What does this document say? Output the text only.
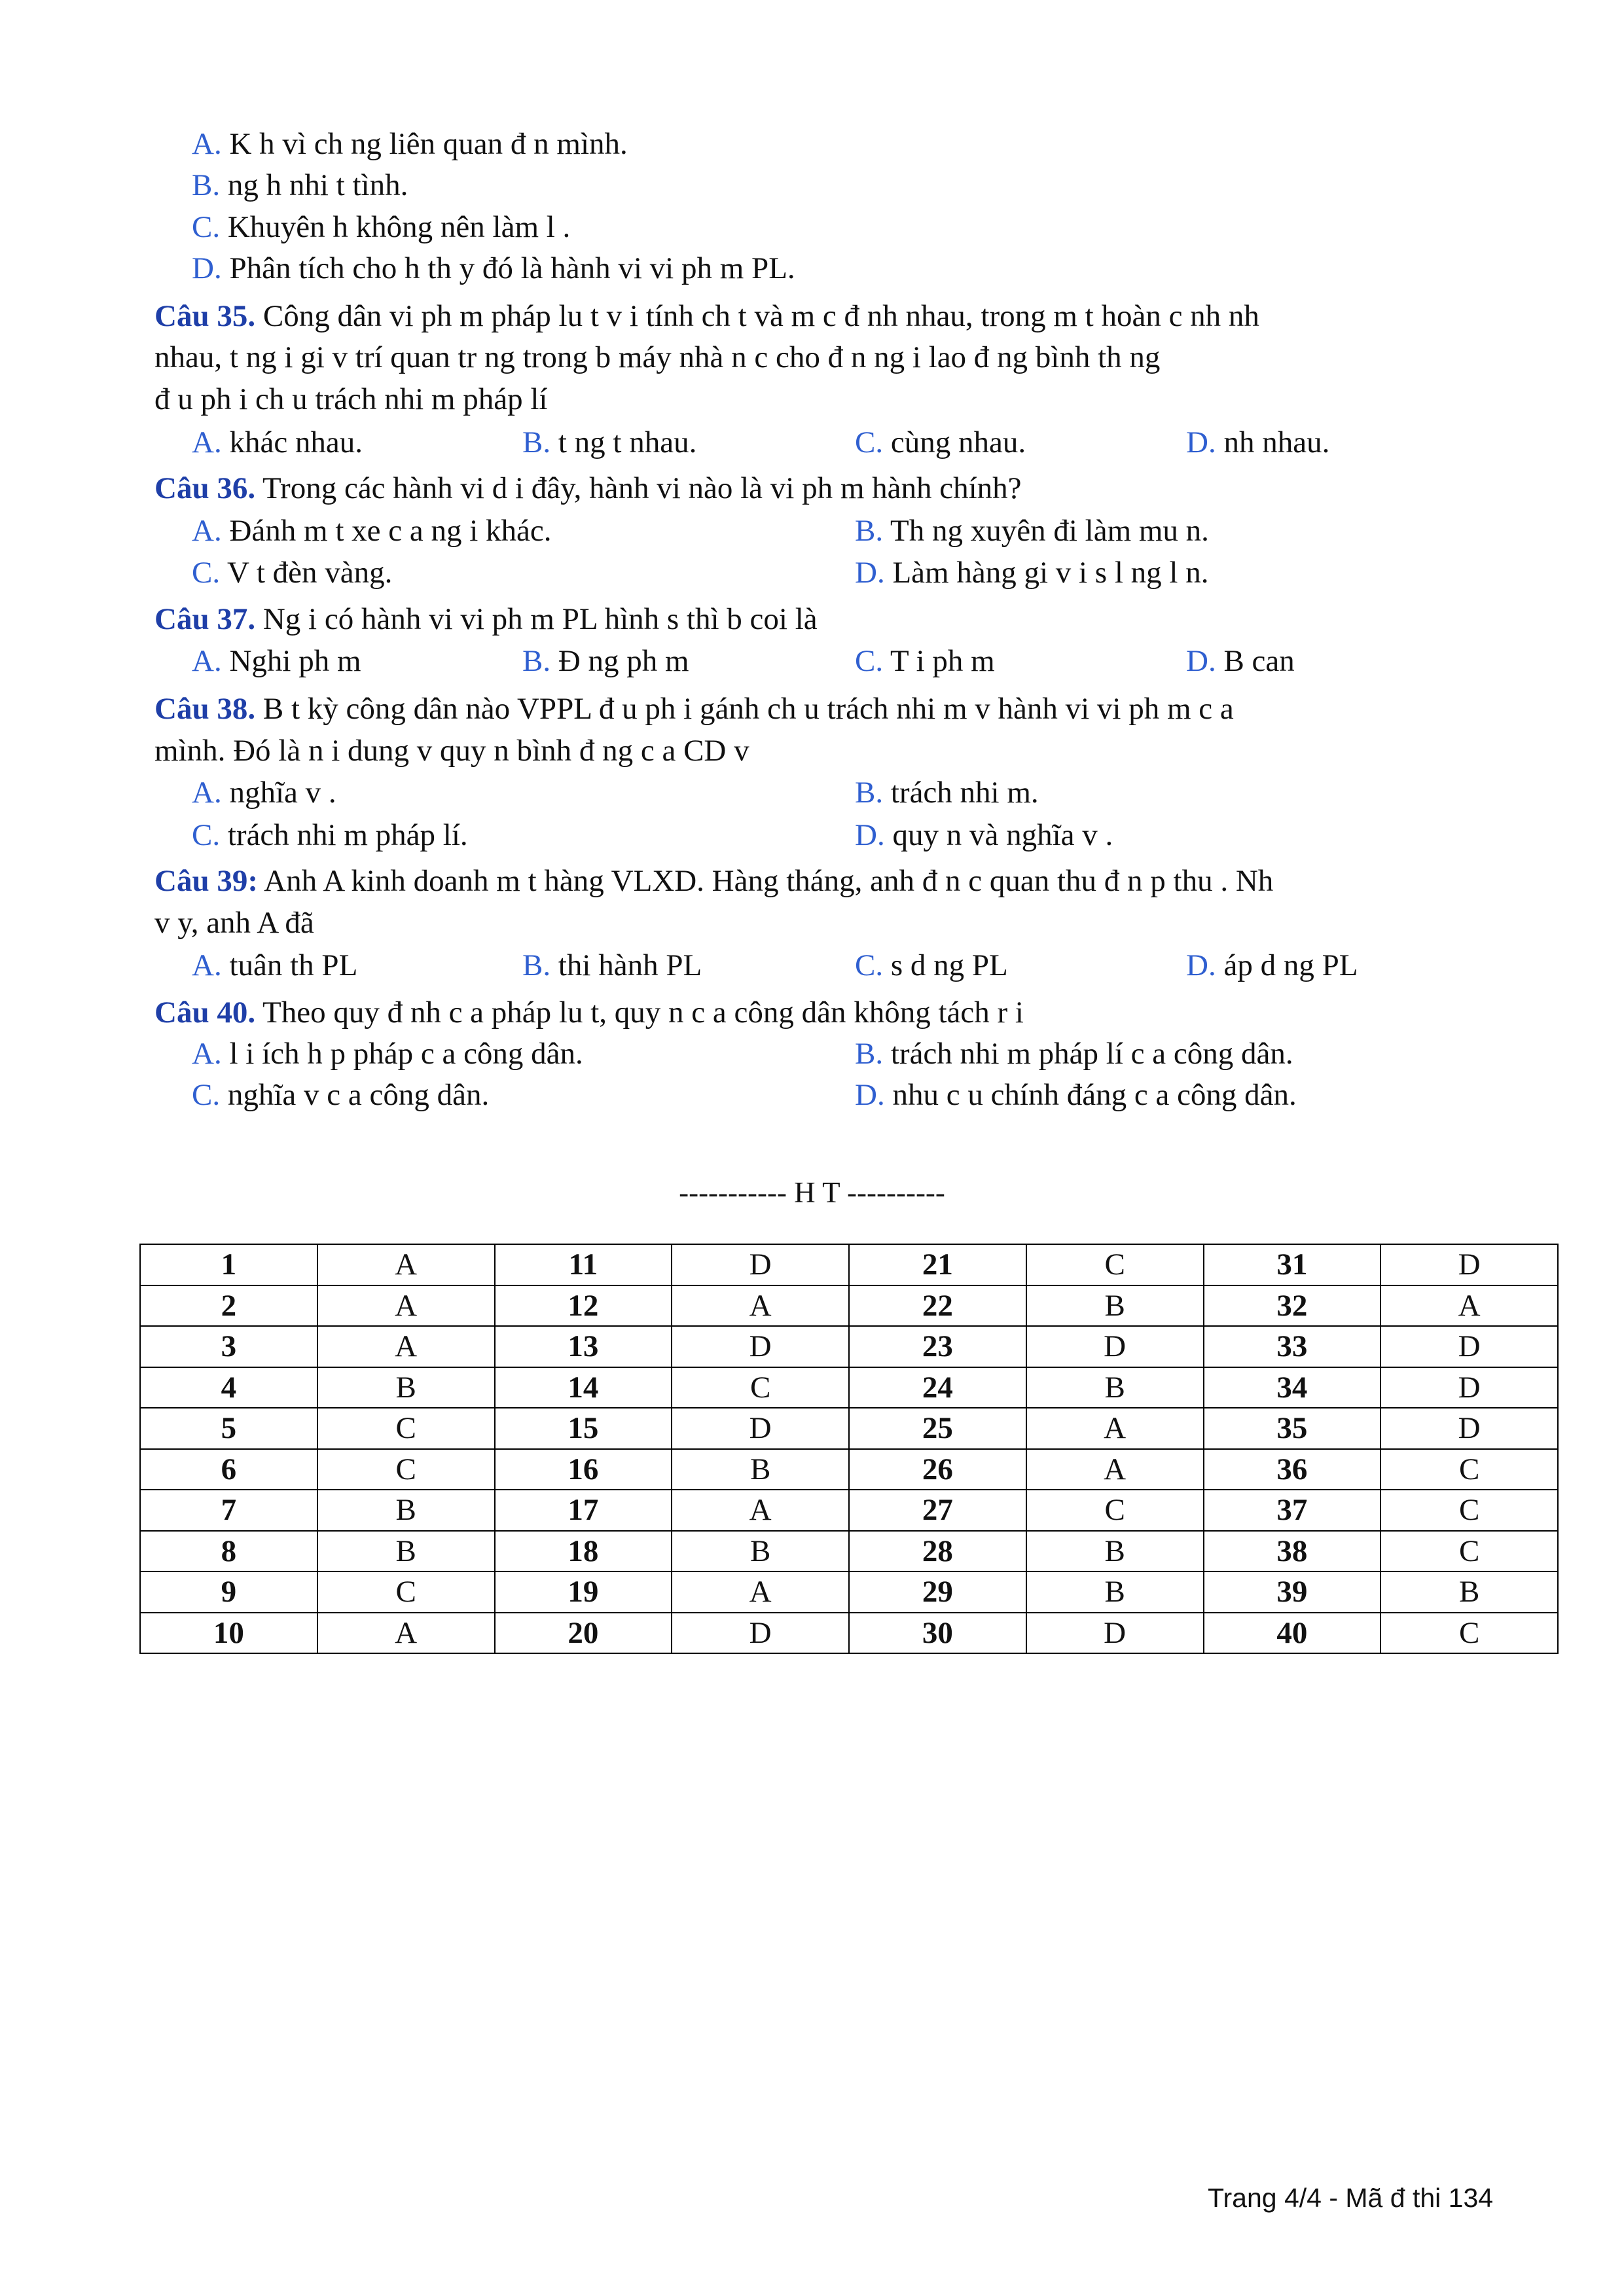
A. K h vì ch ng liên quan đ n mình.
B. ng h nhi t tình.
C. Khuyên h không nên làm l .
D. Phân tích cho h th y đó là hành vi vi ph m PL.
Câu 35. Công dân vi ph m pháp lu t v i tính ch t và m c đ nh nhau, trong m t hoàn c nh nh
nhau, t ng i gi v trí quan tr ng trong b máy nhà n c cho đ n ng i lao đ ng bình th ng
đ u ph i ch u trách nhi m pháp lí
A. khác nhau.	B. t ng t nhau.	C. cùng nhau.	D. nh nhau.
Câu 36. Trong các hành vi d i đây, hành vi nào là vi ph m hành chính?
A. Đánh m t xe c a ng i khác.	B. Th ng xuyên đi làm mu n.
C. V t đèn vàng.	D. Làm hàng gi v i s l ng l n.
Câu 37. Ng i có hành vi vi ph m PL hình s thì b coi là
A. Nghi ph m	B. Đ ng ph m	C. T i ph m	D. B can
Câu 38. B t kỳ công dân nào VPPL đ u ph i gánh ch u trách nhi m v hành vi vi ph m c a
mình. Đó là n i dung v quy n bình đ ng c a CD v
A. nghĩa v .	B. trách nhi m.
C. trách nhi m pháp lí.	D. quy n và nghĩa v .
Câu 39: Anh A kinh doanh m t hàng VLXD. Hàng tháng, anh đ n c quan thu đ n p thu . Nh
v y, anh A đã
A. tuân th PL	B. thi hành PL	C. s d ng PL	D. áp d ng PL
Câu 40. Theo quy đ nh c a pháp lu t, quy n c a công dân không tách r i
A. l i ích h p pháp c a công dân.	B. trách nhi m pháp lí c a công dân.
C. nghĩa v c a công dân.	D. nhu c u chính đáng c a công dân.
----------- H T ----------
1	A	11	D	21	C	31	D
2	A	12	A	22	B	32	A
3	A	13	D	23	D	33	D
4	B	14	C	24	B	34	D
5	C	15	D	25	A	35	D
6	C	16	B	26	A	36	C
7	B	17	A	27	C	37	C
8	B	18	B	28	B	38	C
9	C	19	A	29	B	39	B
10	A	20	D	30	D	40	C
Trang 4/4 - Mã đ thi 134
